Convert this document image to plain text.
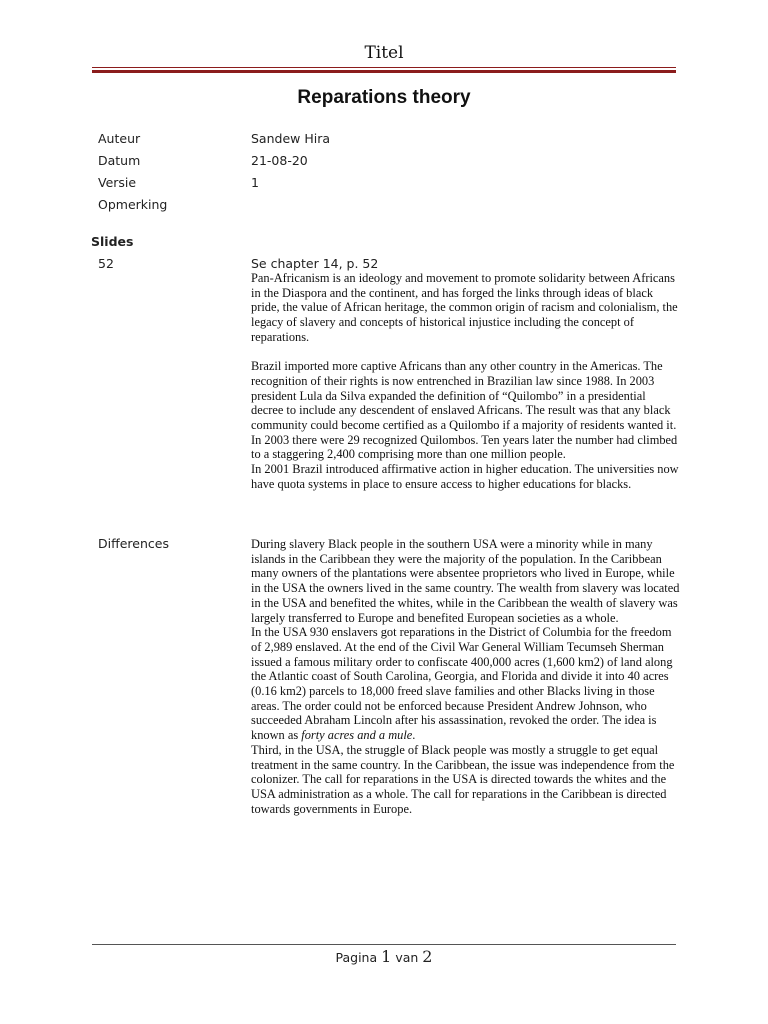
Titel
Reparations theory
Auteur	Sandew Hira
Datum	21-08-20
Versie	1
Opmerking
Slides
52	Se chapter 14, p. 52

Pan-Africanism is an ideology and movement to promote solidarity between Africans in the Diaspora and the continent, and has forged the links through ideas of black pride, the value of African heritage, the common origin of racism and colonialism, the legacy of slavery and concepts of historical injustice including the concept of reparations.

Brazil imported more captive Africans than any other country in the Americas. The recognition of their rights is now entrenched in Brazilian law since 1988. In 2003 president Lula da Silva expanded the definition of “Quilombo” in a presidential decree to include any descendent of enslaved Africans. The result was that any black community could become certified as a Quilombo if a majority of residents wanted it. In 2003 there were 29 recognized Quilombos. Ten years later the number had climbed to a staggering 2,400 comprising more than one million people.

In 2001 Brazil introduced affirmative action in higher education. The universities now have quota systems in place to ensure access to higher educations for blacks.

Differences	During slavery Black people in the southern USA were a minority while in many islands in the Caribbean they were the majority of the population. In the Caribbean many owners of the plantations were absentee proprietors who lived in Europe, while in the USA the owners lived in the same country. The wealth from slavery was located in the USA and benefited the whites, while in the Caribbean the wealth of slavery was largely transferred to Europe and benefited European societies as a whole.

In the USA 930 enslavers got reparations in the District of Columbia for the freedom of 2,989 enslaved. At the end of the Civil War General William Tecumseh Sherman issued a famous military order to confiscate 400,000 acres (1,600 km2) of land along the Atlantic coast of South Carolina, Georgia, and Florida and divide it into 40 acres (0.16 km2) parcels to 18,000 freed slave families and other Blacks living in those areas. The order could not be enforced because President Andrew Johnson, who succeeded Abraham Lincoln after his assassination, revoked the order. The idea is known as forty acres and a mule.

Third, in the USA, the struggle of Black people was mostly a struggle to get equal treatment in the same country. In the Caribbean, the issue was independence from the colonizer. The call for reparations in the USA is directed towards the whites and the USA administration as a whole. The call for reparations in the Caribbean is directed towards governments in Europe.

Pagina 1 van 2
